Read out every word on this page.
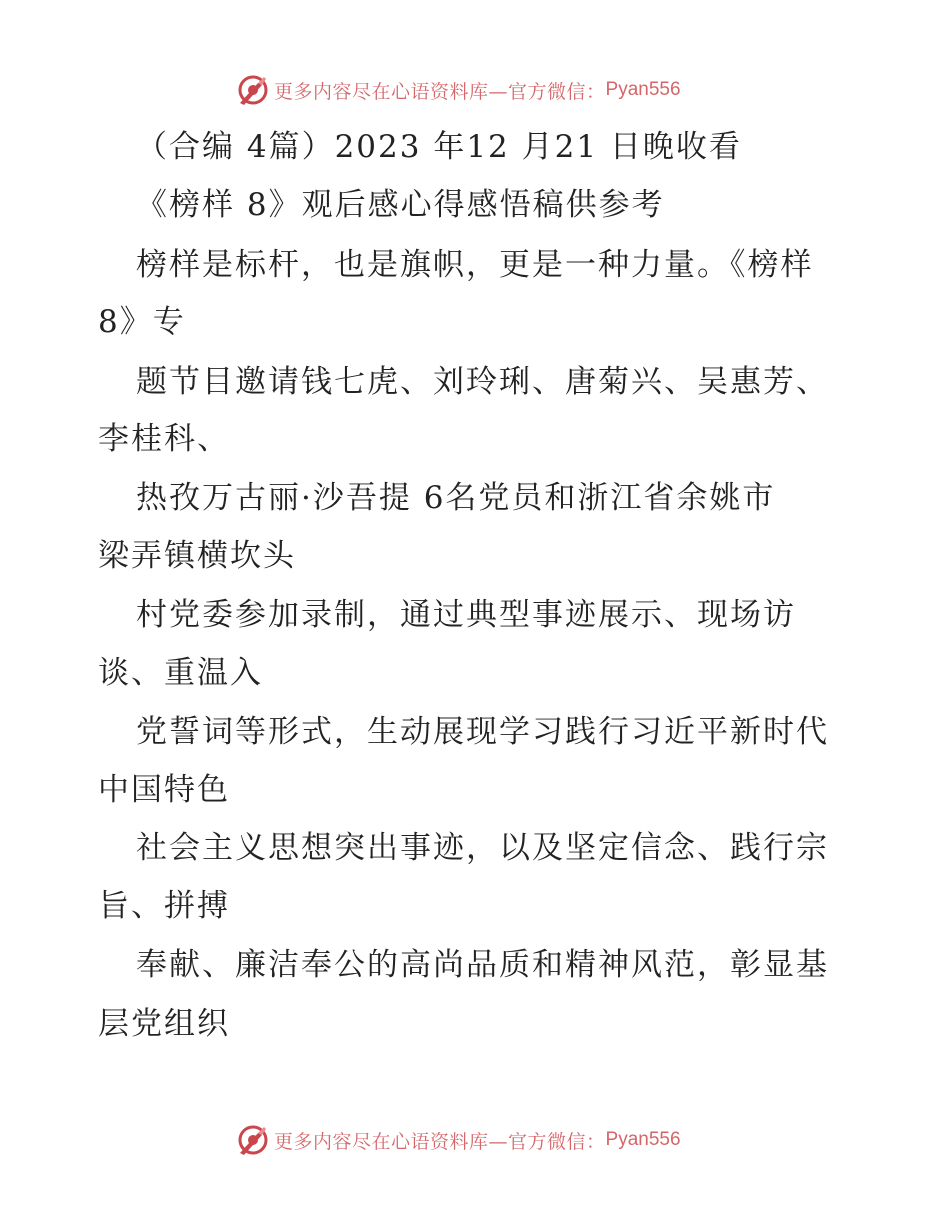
更多内容尽在心语资料库—官方微信： Pyan556
（合编 4篇）2023 年12 月21 日晚收看
《榜样 8》观后感心得感悟稿供参考
榜样是标杆，也是旗帜，更是一种力量。《榜样
8》专
题节目邀请钱七虎、刘玲琍、唐菊兴、吴惠芳、
李桂科、
热孜万古丽·沙吾提 6名党员和浙江省余姚市
梁弄镇横坎头
村党委参加录制，通过典型事迹展示、现场访
谈、重温入
党誓词等形式，生动展现学习践行习近平新时代
中国特色
社会主义思想突出事迹，以及坚定信念、践行宗
旨、拼搏
奉献、廉洁奉公的高尚品质和精神风范，彰显基
层党组织
更多内容尽在心语资料库—官方微信： Pyan556
